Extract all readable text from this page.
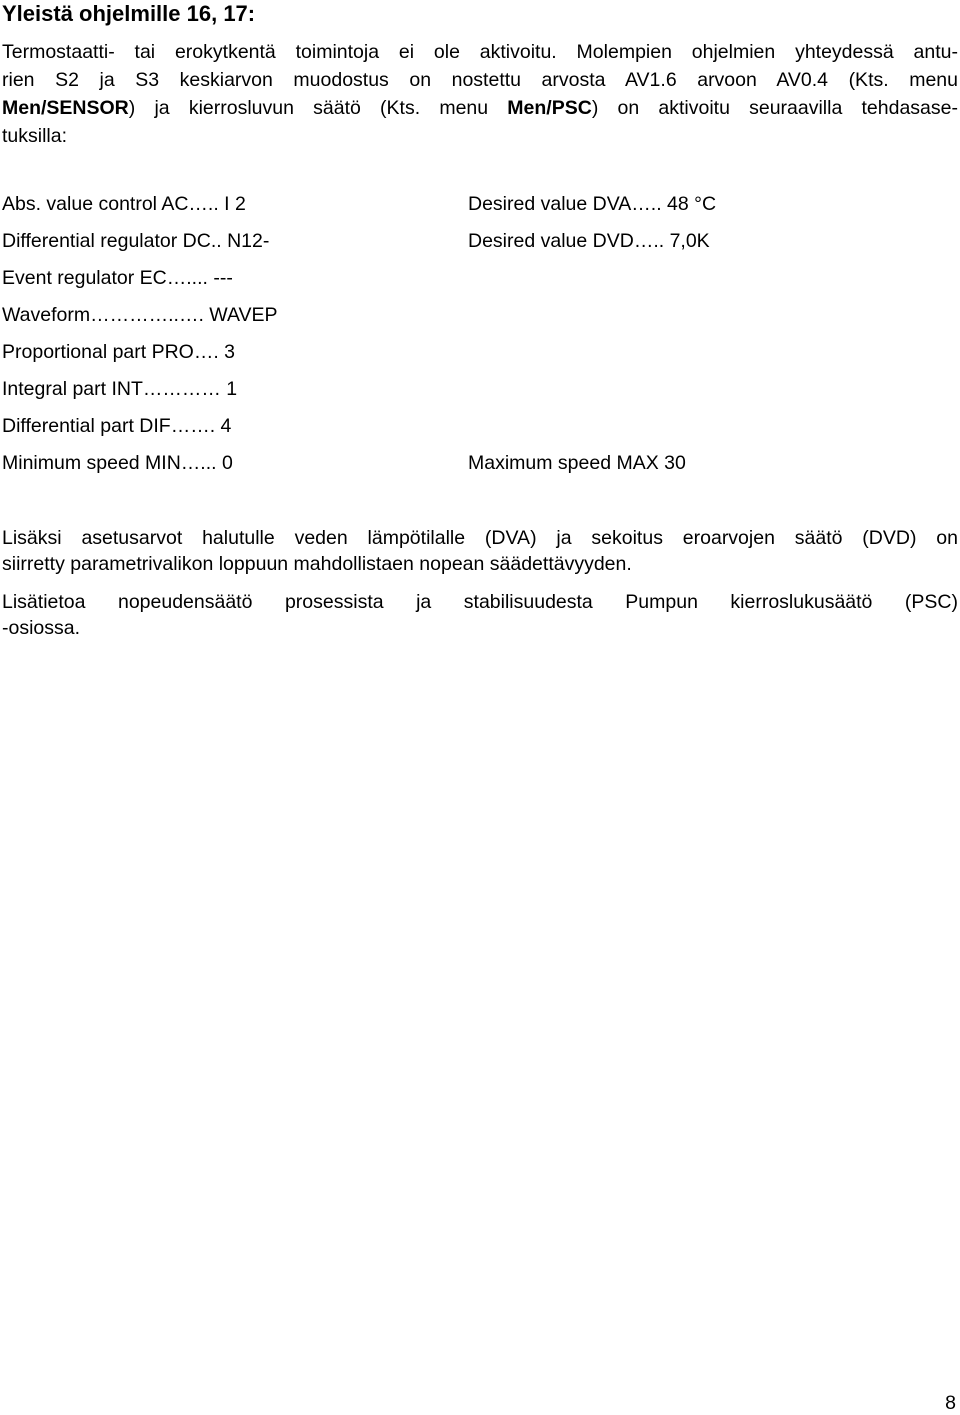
Yleistä ohjelmille 16, 17:
Termostaatti- tai erokytkentä toimintoja ei ole aktivoitu. Molempien ohjelmien yhteydessä antu-
rien S2 ja S3 keskiarvon muodostus on nostettu arvosta AV1.6 arvoon AV0.4 (Kts. menu
Men/SENSOR) ja kierrosluvun säätö (Kts. menu Men/PSC) on aktivoitu seuraavilla tehdasase-
tuksilla:
Abs. value control AC….. I 2	Desired value DVA….. 48 °C
Differential regulator DC.. N12-	Desired value DVD….. 7,0K
Event regulator EC….... ---
Waveform…………..…. WAVEP
Proportional part PRO…. 3
Integral part INT………… 1
Differential part DIF……. 4
Minimum speed MIN…... 0	Maximum speed MAX 30
Lisäksi asetusarvot halutulle veden lämpötilalle (DVA) ja sekoitus eroarvojen säätö (DVD) on
siirretty parametrivalikon loppuun mahdollistaen nopean säädettävyyden.
Lisätietoa nopeudensäätö prosessista ja stabilisuudesta Pumpun kierroslukusäätö (PSC)
-osiossa.
8
